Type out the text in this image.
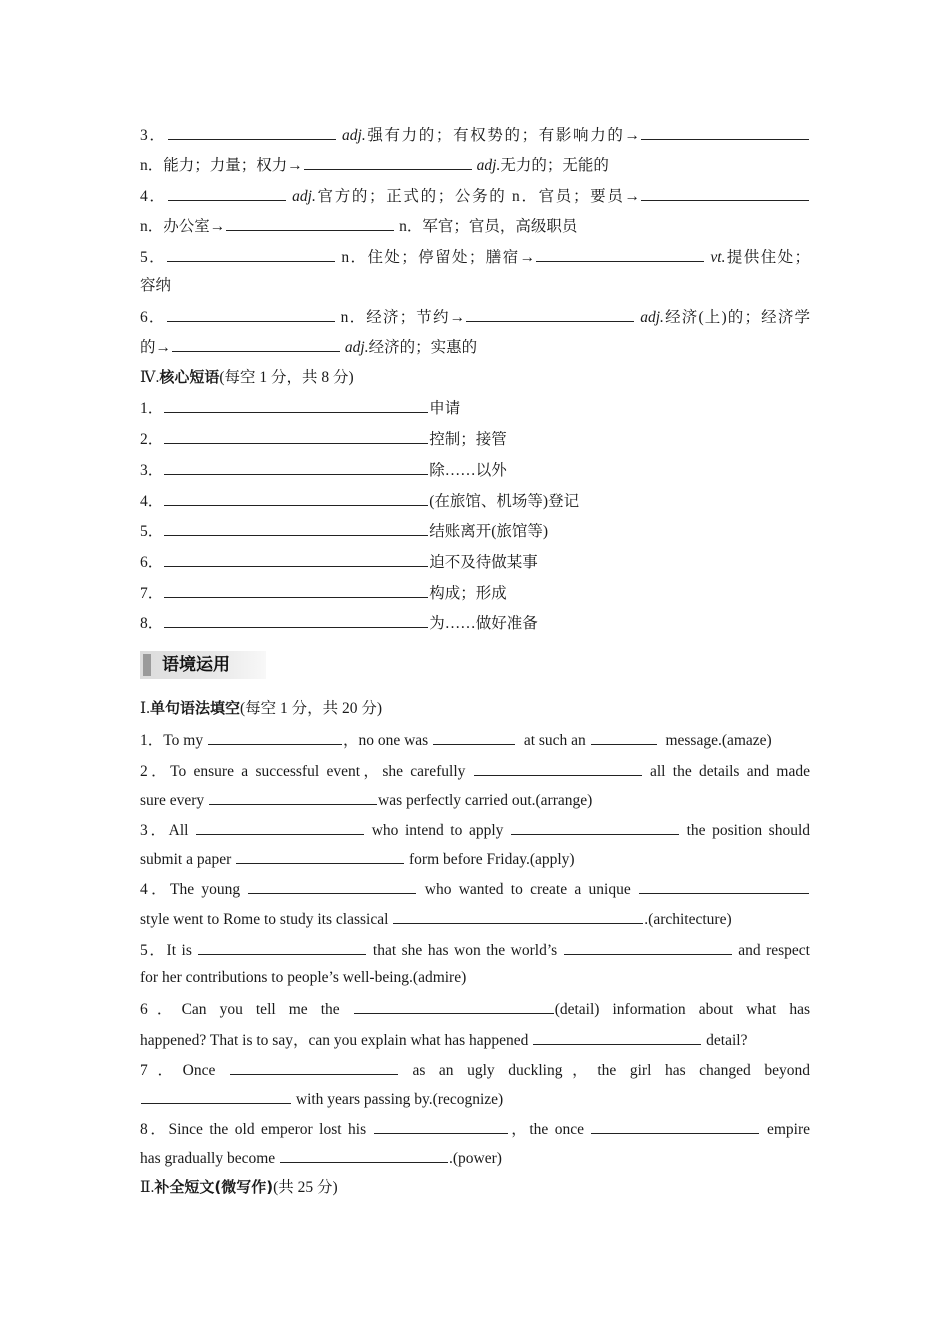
3．	adj.强有力的；有权势的；有影响力的→
n．能力；力量；权力→	adj.无力的；无能的
4．	adj.官方的；正式的；公务的 n．官员；要员→
n．办公室→	n．军官；官员，高级职员
5．	n．住处；停留处；膳宿→	vt.提供住处；
容纳
6．	n．经济；节约→	adj.经济(上)的；经济学
的→	adj.经济的；实惠的
Ⅳ.核心短语(每空 1 分，共 8 分)
1．	申请
2．	控制；接管
3．	除……以外
4．	(在旅馆、机场等)登记
5．	结账离开(旅馆等)
6．	迫不及待做某事
7．	构成；形成
8．	为……做好准备
Ⅰ.单句语法填空(每空 1 分，共 20 分)
1．To my	，no one was	at such an	message.(amaze)
2．To ensure a successful event，she carefully	all the details and made
sure every	was perfectly carried out.(arrange)
3．All	who intend to apply	the position should
submit a paper	form before Friday.(apply)
4．The young	who wanted to create a unique
style went to Rome to study its classical	.(architecture)
5．It is	that she has won the world’s	and respect
for her contributions to people’s well-being.(admire)
6．Can you tell me the	(detail) information about what has
happened? That is to say，can you explain what has happened	detail?
7．Once	as an ugly duckling，the girl has changed beyond
with years passing by.(recognize)
8．Since the old emperor lost his	，the once	empire
has gradually become	.(power)
Ⅱ.补全短文(微写作)(共 25 分)
语境运用
